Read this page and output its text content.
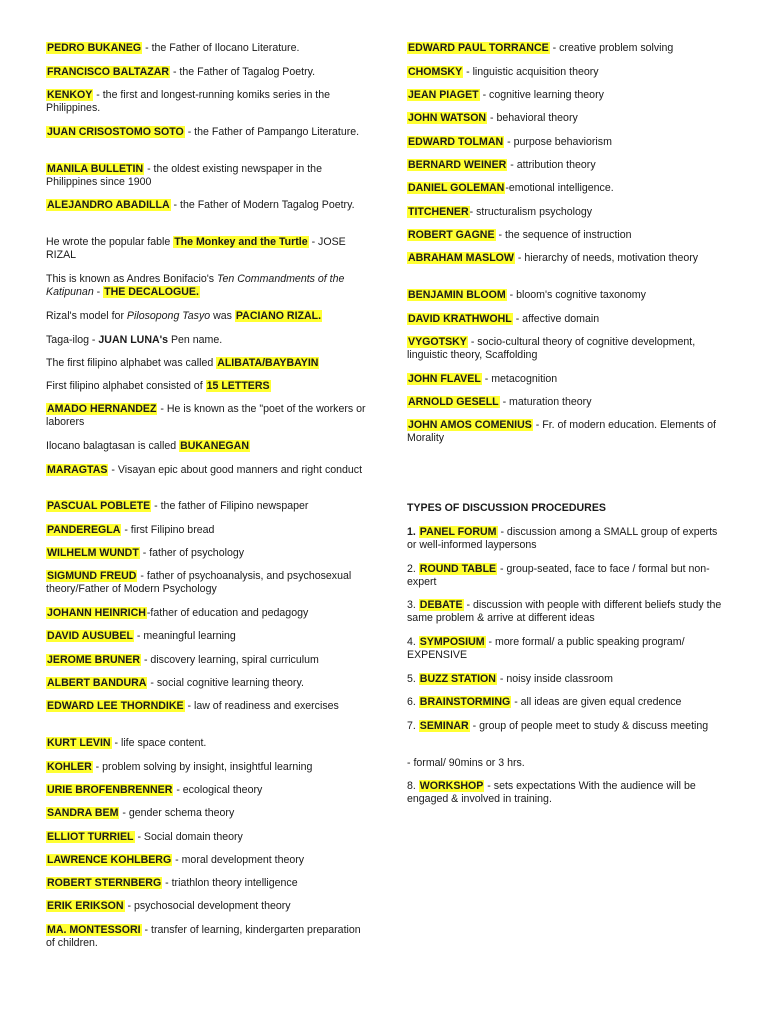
PEDRO BUKANEG - the Father of Ilocano Literature.

FRANCISCO BALTAZAR - the Father of Tagalog Poetry.

KENKOY - the first and longest-running komiks series in the Philippines.

JUAN CRISOSTOMO SOTO - the Father of Pampango Literature.

MANILA BULLETIN - the oldest existing newspaper in the Philippines since 1900

ALEJANDRO ABADILLA - the Father of Modern Tagalog Poetry.

He wrote the popular fable The Monkey and the Turtle - JOSE RIZAL

This is known as Andres Bonifacio's Ten Commandments of the Katipunan - THE DECALOGUE.

Rizal's model for Pilosopong Tasyo was PACIANO RIZAL.

Taga-ilog - JUAN LUNA's Pen name.

The first filipino alphabet was called ALIBATA/BAYBAYIN

First filipino alphabet consisted of 15 LETTERS

AMADO HERNANDEZ - He is known as the "poet of the workers or laborers

Ilocano balagtasan is called BUKANEGAN

MARAGTAS - Visayan epic about good manners and right conduct

PASCUAL POBLETE - the father of Filipino newspaper

PANDEREGLA - first Filipino bread

WILHELM WUNDT - father of psychology

SIGMUND FREUD - father of psychoanalysis, and psychosexual theory/Father of Modern Psychology

JOHANN HEINRICH-father of education and pedagogy

DAVID AUSUBEL - meaningful learning

JEROME BRUNER - discovery learning, spiral curriculum

ALBERT BANDURA - social cognitive learning theory.

EDWARD LEE THORNDIKE - law of readiness and exercises

KURT LEVIN - life space content.

KOHLER - problem solving by insight, insightful learning

URIE BROFENBRENNER - ecological theory

SANDRA BEM - gender schema theory

ELLIOT TURRIEL - Social domain theory

LAWRENCE KOHLBERG - moral development theory

ROBERT STERNBERG - triathlon theory intelligence

ERIK ERIKSON - psychosocial development theory

MA. MONTESSORI - transfer of learning, kindergarten preparation of children.

EDWARD PAUL TORRANCE - creative problem solving

CHOMSKY - linguistic acquisition theory

JEAN PIAGET - cognitive learning theory

JOHN WATSON - behavioral theory

EDWARD TOLMAN - purpose behaviorism

BERNARD WEINER - attribution theory

DANIEL GOLEMAN-emotional intelligence.

TITCHENER- structuralism psychology

ROBERT GAGNE - the sequence of instruction

ABRAHAM MASLOW - hierarchy of needs, motivation theory

BENJAMIN BLOOM - bloom's cognitive taxonomy

DAVID KRATHWOHL - affective domain

VYGOTSKY - socio-cultural theory of cognitive development, linguistic theory, Scaffolding

JOHN FLAVEL - metacognition

ARNOLD GESELL - maturation theory

JOHN AMOS COMENIUS - Fr. of modern education. Elements of Morality

TYPES OF DISCUSSION PROCEDURES

1. PANEL FORUM - discussion among a SMALL group of experts or well-informed laypersons

2. ROUND TABLE - group-seated, face to face / formal but non- expert

3. DEBATE - discussion with people with different beliefs study the same problem & arrive at different ideas

4. SYMPOSIUM - more formal/ a public speaking program/ EXPENSIVE

5. BUZZ STATION - noisy inside classroom

6. BRAINSTORMING - all ideas are given equal credence

7. SEMINAR - group of people meet to study & discuss meeting

- formal/ 90mins or 3 hrs.

8. WORKSHOP - sets expectations With the audience will be engaged & involved in training.
